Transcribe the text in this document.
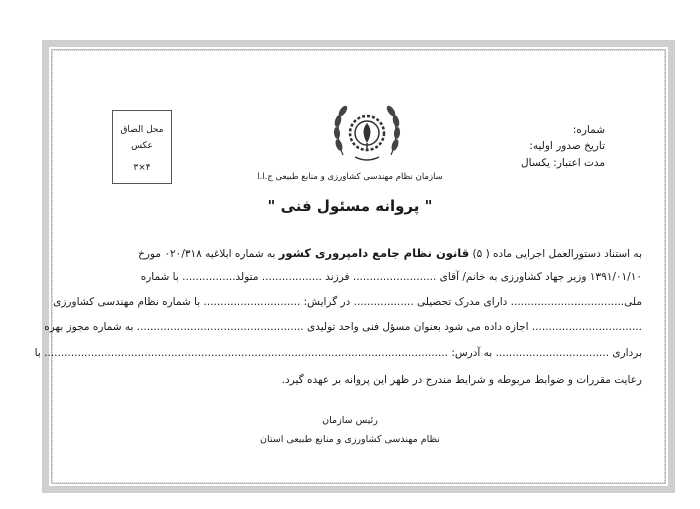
شماره:
تاریخ صدور اولیه:
مدت اعتبار: یکسال
محل الصاق
عکس
۴×۳
سازمان نظام مهندسی کشاورزی و منابع طبیعی ج.ا.ا
" پروانه مسئول فنی "
به استناد دستورالعمل اجرایی ماده ( ۵) قانون نظام جامع دامپروری کشور به شماره ابلاغیه ۰۲۰/۳۱۸ مورخ
۱۳۹۱/۰۱/۱۰ وزیر جهاد کشاورزی به خانم/ آقای ......................... فرزند .................. متولد................ با شماره
ملی.................................. دارای مدرک تحصیلی .................. در گرایش: ............................. با شماره نظام مهندسی کشاورزی
................................. اجازه داده می شود بعنوان مسؤل فنی واحد تولیدی .................................................. به شماره مجوز بهره
برداری .................................. به آدرس: ......................................................................................................................... با
رعایت مقررات و ضوابط مربوطه و شرایط مندرج در ظهر این پروانه بر عهده گیرد.
رئیس سازمان
نظام مهندسی کشاورزی و منابع طبیعی استان
